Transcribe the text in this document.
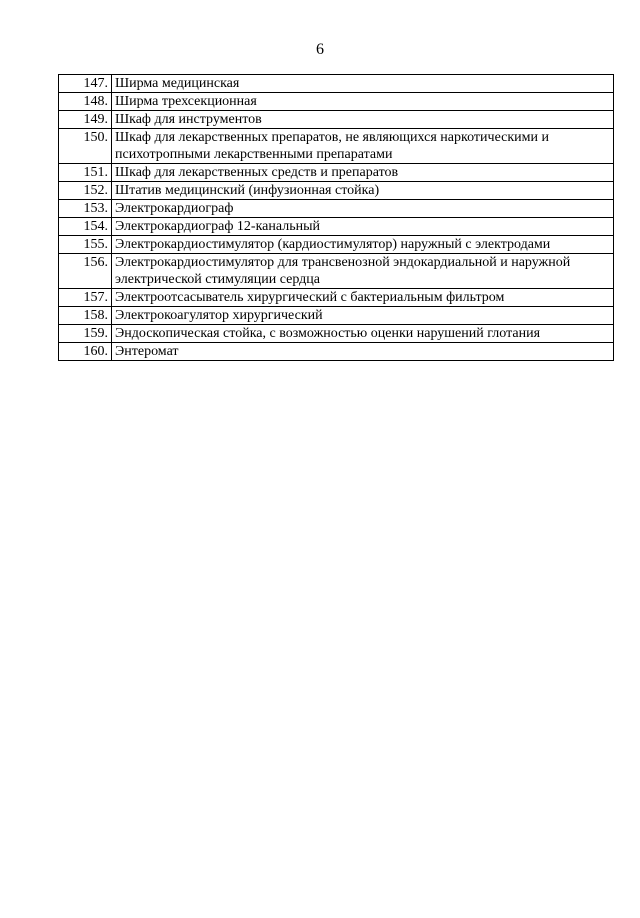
6
147.	Ширма медицинская
148.	Ширма трехсекционная
149.	Шкаф для инструментов
150.	Шкаф для лекарственных препаратов, не являющихся наркотическими и психотропными лекарственными препаратами
151.	Шкаф для лекарственных средств и препаратов
152.	Штатив медицинский (инфузионная стойка)
153.	Электрокардиограф
154.	Электрокардиограф 12-канальный
155.	Электрокардиостимулятор (кардиостимулятор) наружный с электродами
156.	Электрокардиостимулятор для трансвенозной эндокардиальной и наружной электрической стимуляции сердца
157.	Электроотсасыватель хирургический с бактериальным фильтром
158.	Электрокоагулятор хирургический
159.	Эндоскопическая стойка, с возможностью оценки нарушений глотания
160.	Энтеромат
